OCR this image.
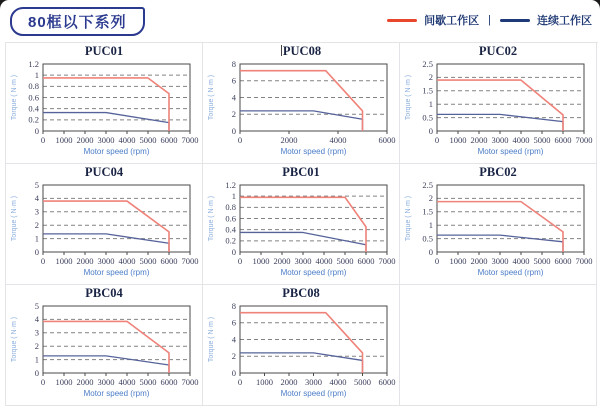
80框以下系列	间歇工作区 |	连续工作区
PUC01
0 1000 2000 3000 4000 5000 6000 7000
0
0.2
0.4
0.6
0.8
1
1.2
Motor speed (rpm)
Torque ( N·m )
PUC08
0	2000	4000	6000
0
2
4
6
8
Motor speed (rpm)
Torque ( N·m )
PUC02
0 1000 2000 3000 4000 5000 6000 7000
0
0.5
1
1.5
2
2.5
Motor speed (rpm)
Torque ( N·m )
PUC04
0 1000 2000 3000 4000 5000 6000 7000
0
1
2
3
4
5
Motor speed (rpm)
Torque ( N·m )
PBC01
0 1000 2000 3000 4000 5000 6000 7000
0
0.2
0.4
0.6
0.8
1
1.2
Motor speed (rpm)
Torque ( N·m )
PBC02
0 1000 2000 3000 4000 5000 6000 7000
0
0.5
1
1.5
2
2.5
Motor speed (rpm)
Torque ( N·m )
PBC04
0 1000 2000 3000 4000 5000 6000 7000
0
1
2
3
4
5
Motor speed (rpm)
Torque ( N·m )
PBC08
0 1000 2000 3000 4000 5000 6000
0
2
4
6
8
Motor speed (rpm)
Torque ( N·m )
